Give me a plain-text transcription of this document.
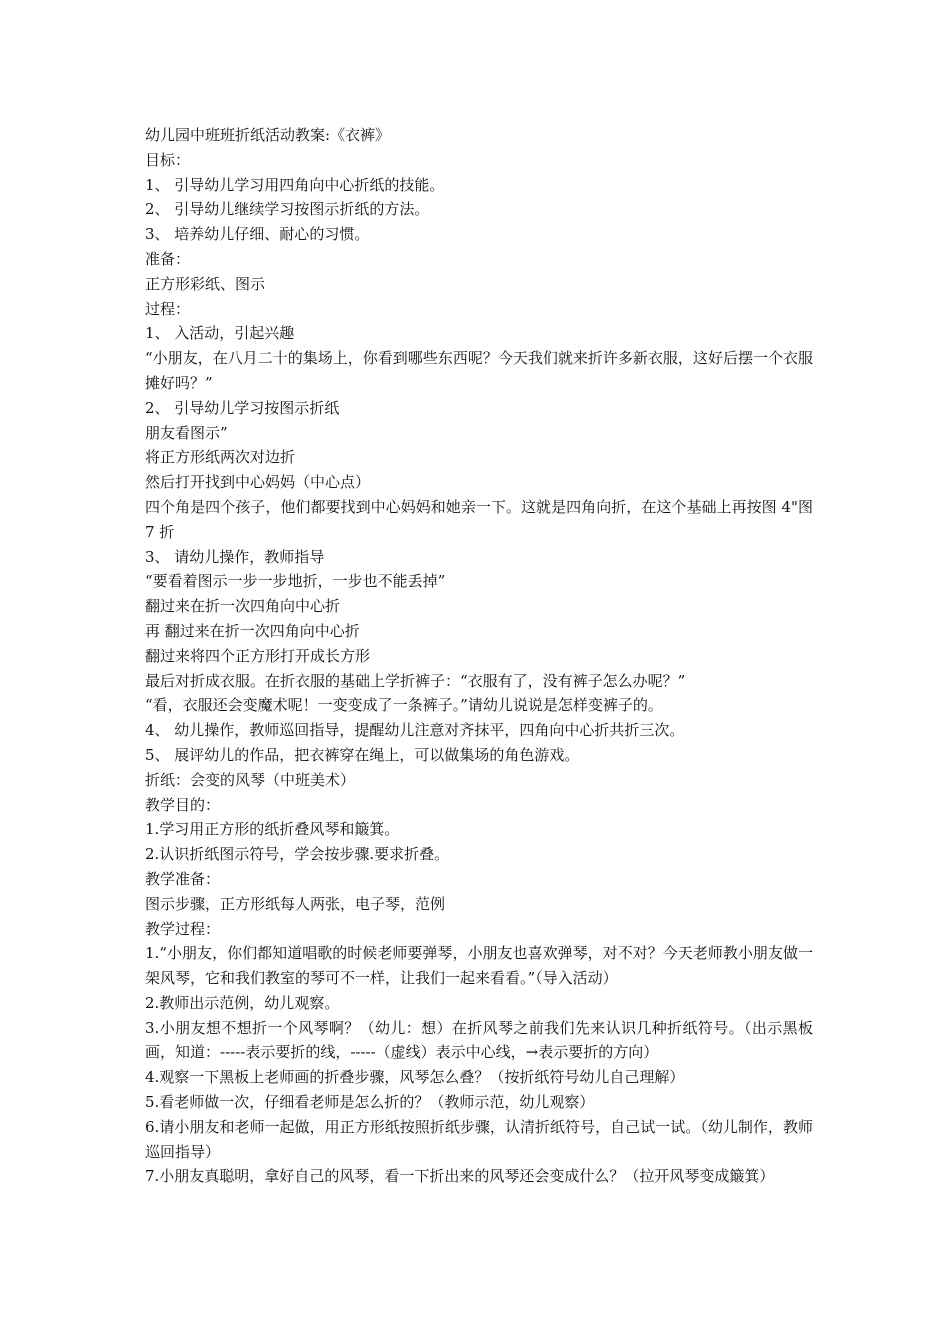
幼儿园中班班折纸活动教案:《衣裤》

目标：

1、 引导幼儿学习用四角向中心折纸的技能。

2、 引导幼儿继续学习按图示折纸的方法。

3、 培养幼儿仔细、耐心的习惯。

准备：

正方形彩纸、图示

过程：

1、 入活动，引起兴趣

“小朋友，在八月二十的集场上，你看到哪些东西呢？今天我们就来折许多新衣服，这好后摆一个衣服摊好吗？”

2、 引导幼儿学习按图示折纸

朋友看图示”

将正方形纸两次对边折

然后打开找到中心妈妈（中心点）

四个角是四个孩子，他们都要找到中心妈妈和她亲一下。这就是四角向折，在这个基础上再按图 4"图 7 折

3、 请幼儿操作，教师指导

“要看着图示一步一步地折，一步也不能丢掉”

翻过来在折一次四角向中心折

再 翻过来在折一次四角向中心折

翻过来将四个正方形打开成长方形

最后对折成衣服。在折衣服的基础上学折裤子：“衣服有了，没有裤子怎么办呢？”

“看，衣服还会变魔术呢！一变变成了一条裤子。”请幼儿说说是怎样变裤子的。

4、 幼儿操作，教师巡回指导，提醒幼儿注意对齐抹平，四角向中心折共折三次。

5、 展评幼儿的作品，把衣裤穿在绳上，可以做集场的角色游戏。

折纸：会变的风琴（中班美术）

教学目的：

1.学习用正方形的纸折叠风琴和簸箕。

2.认识折纸图示符号，学会按步骤.要求折叠。

教学准备：

图示步骤，正方形纸每人两张，电子琴，范例

教学过程：

1.“小朋友，你们都知道唱歌的时候老师要弹琴，小朋友也喜欢弹琴，对不对？今天老师教小朋友做一架风琴，它和我们教室的琴可不一样，让我们一起来看看。”（导入活动）

2.教师出示范例，幼儿观察。

3.小朋友想不想折一个风琴啊？（幼儿：想）在折风琴之前我们先来认识几种折纸符号。（出示黑板画，知道：-----表示要折的线，-----（虚线）表示中心线，→表示要折的方向）

4.观察一下黑板上老师画的折叠步骤，风琴怎么叠？（按折纸符号幼儿自己理解）

5.看老师做一次，仔细看老师是怎么折的？（教师示范，幼儿观察）

6.请小朋友和老师一起做，用正方形纸按照折纸步骤，认清折纸符号，自己试一试。（幼儿制作，教师巡回指导）

7.小朋友真聪明，拿好自己的风琴，看一下折出来的风琴还会变成什么？（拉开风琴变成簸箕）
